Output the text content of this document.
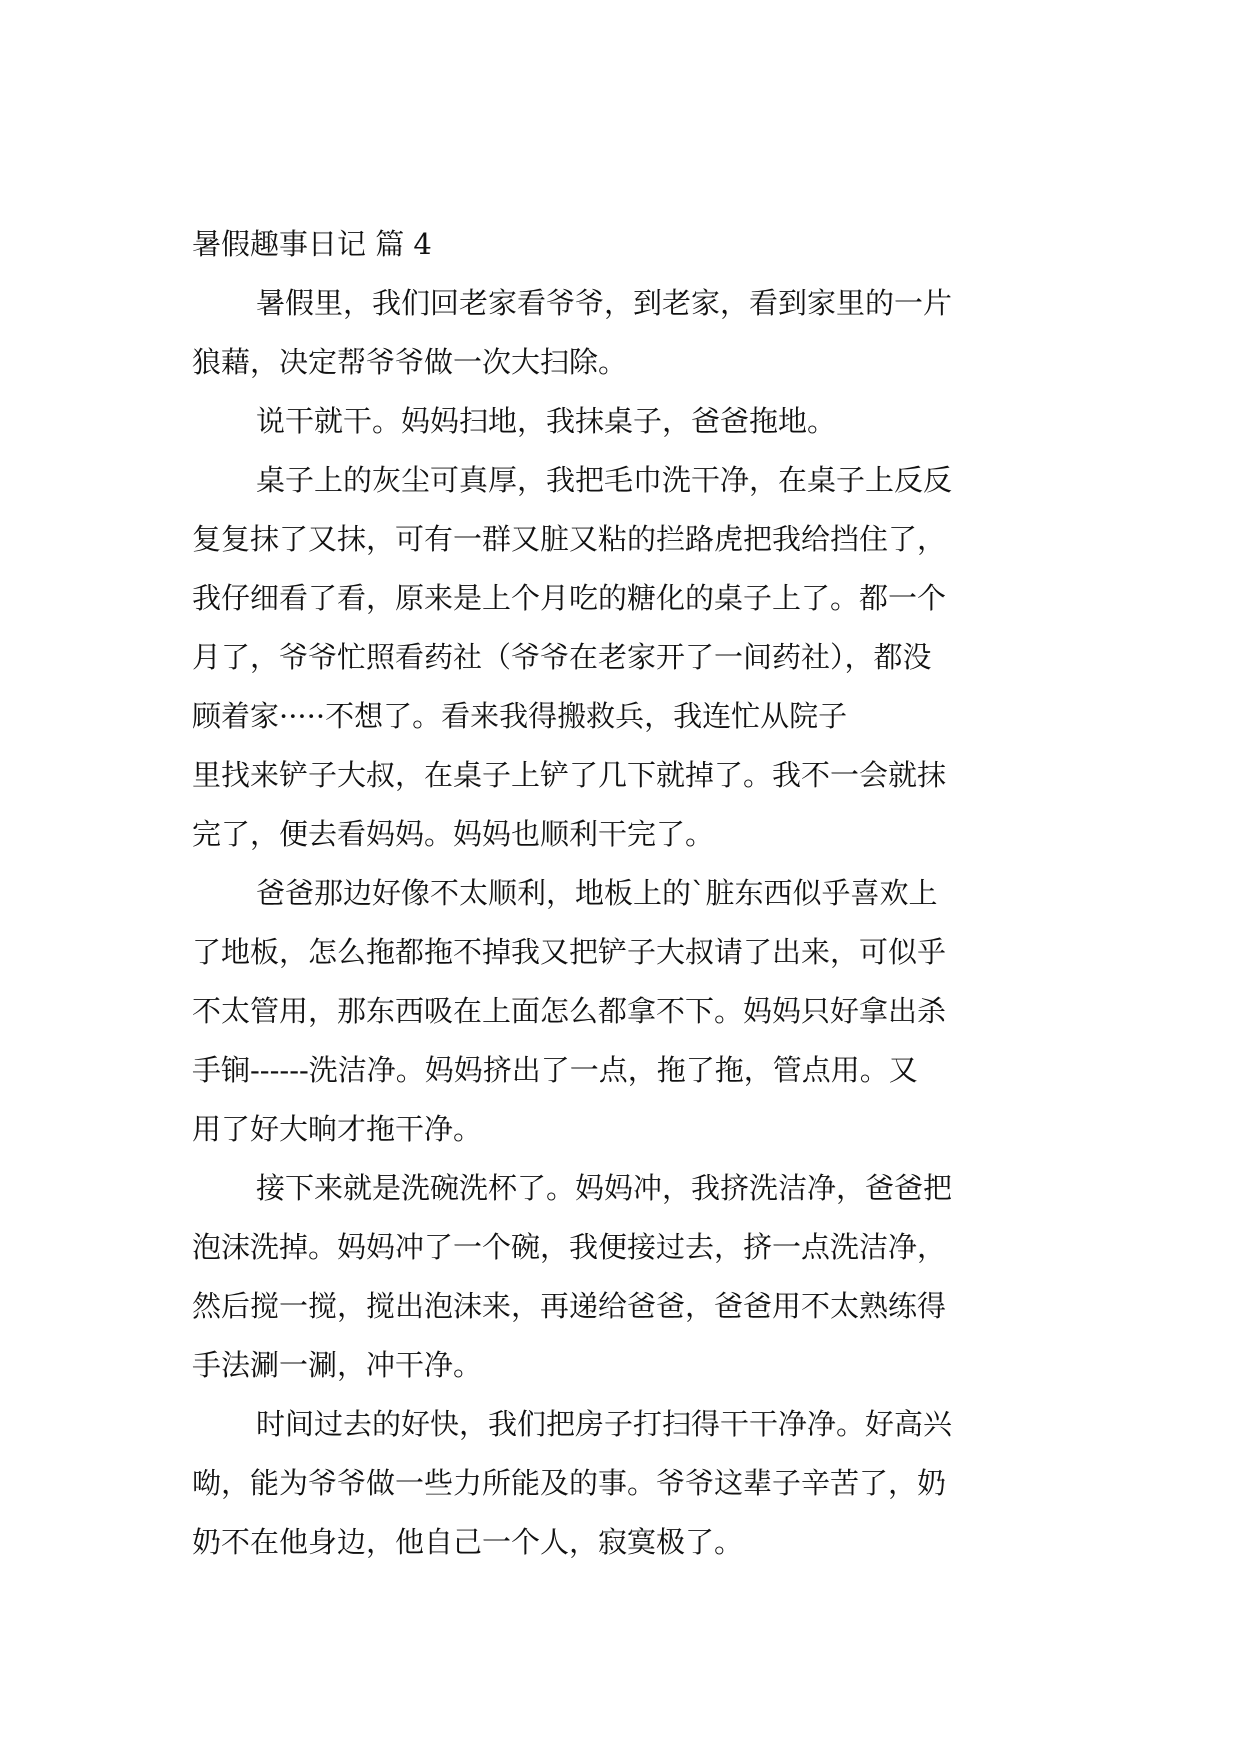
暑假趣事日记 篇 4

暑假里，我们回老家看爷爷，到老家，看到家里的一片
狼藉，决定帮爷爷做一次大扫除。

说干就干。妈妈扫地，我抹桌子，爸爸拖地。

桌子上的灰尘可真厚，我把毛巾洗干净，在桌子上反反
复复抹了又抹，可有一群又脏又粘的拦路虎把我给挡住了，
我仔细看了看，原来是上个月吃的糖化的桌子上了。都一个
月了，爷爷忙照看药社（爷爷在老家开了一间药社），都没
顾着家·····不想了。看来我得搬救兵，我连忙从院子
里找来铲子大叔，在桌子上铲了几下就掉了。我不一会就抹
完了，便去看妈妈。妈妈也顺利干完了。

爸爸那边好像不太顺利，地板上的`脏东西似乎喜欢上
了地板，怎么拖都拖不掉我又把铲子大叔请了出来，可似乎
不太管用，那东西吸在上面怎么都拿不下。妈妈只好拿出杀
手锏------洗洁净。妈妈挤出了一点，拖了拖，管点用。又
用了好大晌才拖干净。

接下来就是洗碗洗杯了。妈妈冲，我挤洗洁净，爸爸把
泡沫洗掉。妈妈冲了一个碗，我便接过去，挤一点洗洁净，
然后搅一搅，搅出泡沫来，再递给爸爸，爸爸用不太熟练得
手法涮一涮，冲干净。

时间过去的好快，我们把房子打扫得干干净净。好高兴
呦，能为爷爷做一些力所能及的事。爷爷这辈子辛苦了，奶
奶不在他身边，他自己一个人，寂寞极了。
